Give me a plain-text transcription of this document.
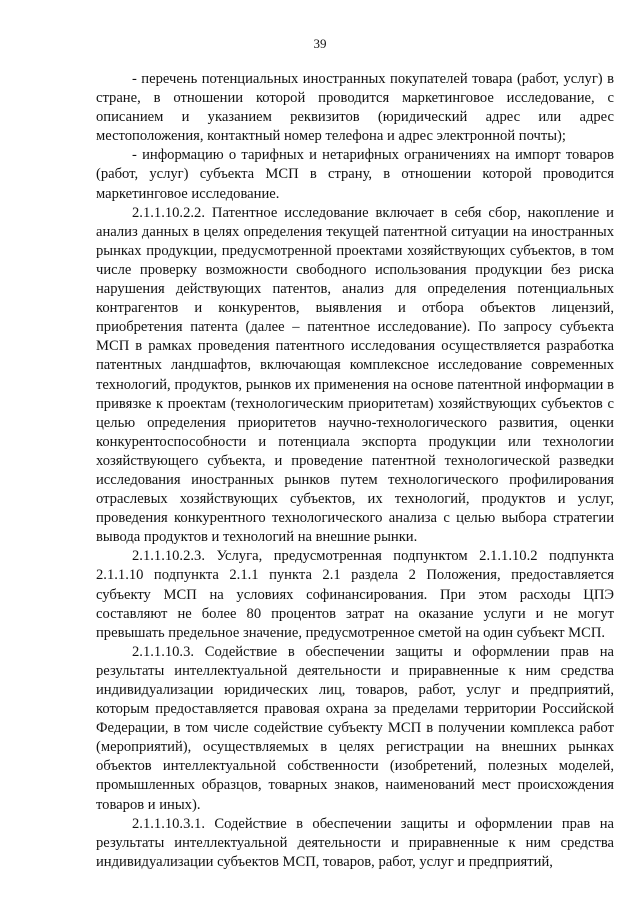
39

- перечень потенциальных иностранных покупателей товара (работ, услуг) в стране, в отношении которой проводится маркетинговое исследование, с описанием и указанием реквизитов (юридический адрес или адрес местоположения, контактный номер телефона и адрес электронной почты);

- информацию о тарифных и нетарифных ограничениях на импорт товаров (работ, услуг) субъекта МСП в страну, в отношении которой проводится маркетинговое исследование.

2.1.1.10.2.2. Патентное исследование включает в себя сбор, накопление и анализ данных в целях определения текущей патентной ситуации на иностранных рынках продукции, предусмотренной проектами хозяйствующих субъектов, в том числе проверку возможности свободного использования продукции без риска нарушения действующих патентов, анализ для определения потенциальных контрагентов и конкурентов, выявления и отбора объектов лицензий, приобретения патента (далее – патентное исследование). По запросу субъекта МСП в рамках проведения патентного исследования осуществляется разработка патентных ландшафтов, включающая комплексное исследование современных технологий, продуктов, рынков их применения на основе патентной информации в привязке к проектам (технологическим приоритетам) хозяйствующих субъектов с целью определения приоритетов научно-технологического развития, оценки конкурентоспособности и потенциала экспорта продукции или технологии хозяйствующего субъекта, и проведение патентной технологической разведки исследования иностранных рынков путем технологического профилирования отраслевых хозяйствующих субъектов, их технологий, продуктов и услуг, проведения конкурентного технологического анализа с целью выбора стратегии вывода продуктов и технологий на внешние рынки.

2.1.1.10.2.3. Услуга, предусмотренная подпунктом 2.1.1.10.2 подпункта 2.1.1.10 подпункта 2.1.1 пункта 2.1 раздела 2 Положения, предоставляется субъекту МСП на условиях софинансирования. При этом расходы ЦПЭ составляют не более 80 процентов затрат на оказание услуги и не могут превышать предельное значение, предусмотренное сметой на один субъект МСП.

2.1.1.10.3. Содействие в обеспечении защиты и оформлении прав на результаты интеллектуальной деятельности и приравненные к ним средства индивидуализации юридических лиц, товаров, работ, услуг и предприятий, которым предоставляется правовая охрана за пределами территории Российской Федерации, в том числе содействие субъекту МСП в получении комплекса работ (мероприятий), осуществляемых в целях регистрации на внешних рынках объектов интеллектуальной собственности (изобретений, полезных моделей, промышленных образцов, товарных знаков, наименований мест происхождения товаров и иных).

2.1.1.10.3.1. Содействие в обеспечении защиты и оформлении прав на результаты интеллектуальной деятельности и приравненные к ним средства индивидуализации субъектов МСП, товаров, работ, услуг и предприятий,
